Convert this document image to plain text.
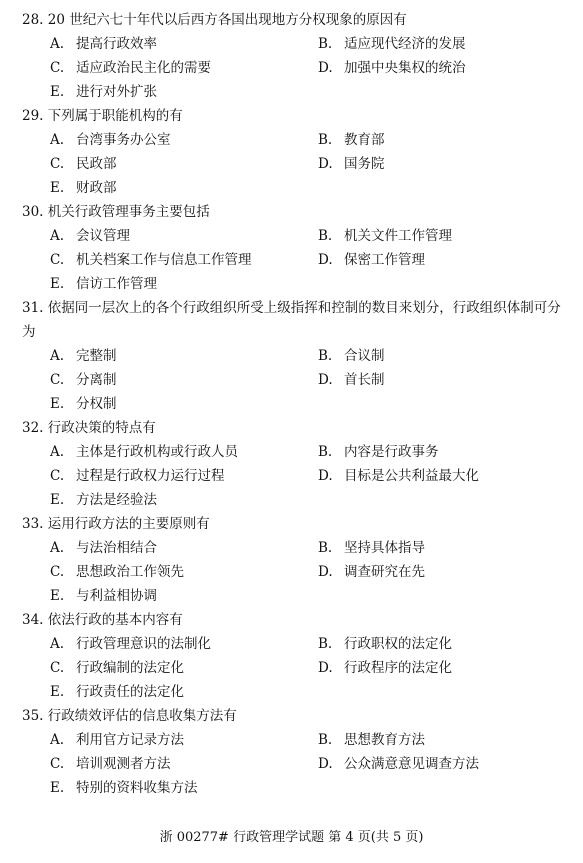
28. 20 世纪六七十年代以后西方各国出现地方分权现象的原因有
A. 提高行政效率	B. 适应现代经济的发展
C. 适应政治民主化的需要	D. 加强中央集权的统治
E. 进行对外扩张
29. 下列属于职能机构的有
A. 台湾事务办公室	B. 教育部
C. 民政部	D. 国务院
E. 财政部
30. 机关行政管理事务主要包括
A. 会议管理	B. 机关文件工作管理
C. 机关档案工作与信息工作管理	D. 保密工作管理
E. 信访工作管理
31. 依据同一层次上的各个行政组织所受上级指挥和控制的数目来划分，行政组织体制可分为
A. 完整制	B. 合议制
C. 分离制	D. 首长制
E. 分权制
32. 行政决策的特点有
A. 主体是行政机构或行政人员	B. 内容是行政事务
C. 过程是行政权力运行过程	D. 目标是公共利益最大化
E. 方法是经验法
33. 运用行政方法的主要原则有
A. 与法治相结合	B. 坚持具体指导
C. 思想政治工作领先	D. 调查研究在先
E. 与利益相协调
34. 依法行政的基本内容有
A. 行政管理意识的法制化	B. 行政职权的法定化
C. 行政编制的法定化	D. 行政程序的法定化
E. 行政责任的法定化
35. 行政绩效评估的信息收集方法有
A. 利用官方记录方法	B. 思想教育方法
C. 培训观测者方法	D. 公众满意意见调查方法
E. 特别的资料收集方法
浙 00277# 行政管理学试题 第 4 页(共 5 页)
